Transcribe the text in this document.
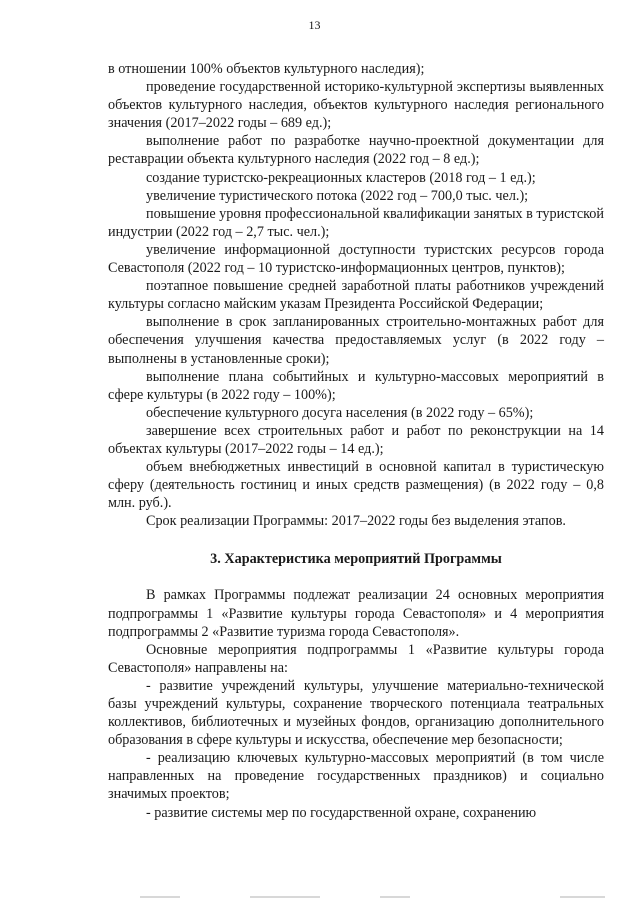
13

в отношении 100% объектов культурного наследия);

проведение государственной историко-культурной экспертизы выявленных объектов культурного наследия, объектов культурного наследия регионального значения (2017–2022 годы – 689 ед.);

выполнение работ по разработке научно-проектной документации для реставрации объекта культурного наследия (2022 год – 8 ед.);

создание туристско-рекреационных кластеров (2018 год – 1 ед.);

увеличение туристического потока (2022 год – 700,0 тыс. чел.);

повышение уровня профессиональной квалификации занятых в туристской индустрии (2022 год – 2,7 тыс. чел.);

увеличение информационной доступности туристских ресурсов города Севастополя (2022 год – 10 туристско-информационных центров, пунктов);

поэтапное повышение средней заработной платы работников учреждений культуры согласно майским указам Президента Российской Федерации;

выполнение в срок запланированных строительно-монтажных работ для обеспечения улучшения качества предоставляемых услуг (в 2022 году – выполнены в установленные сроки);

выполнение плана событийных и культурно-массовых мероприятий в сфере культуры (в 2022 году – 100%);

обеспечение культурного досуга населения (в 2022 году – 65%);

завершение всех строительных работ и работ по реконструкции на 14 объектах культуры (2017–2022 годы – 14 ед.);

объем внебюджетных инвестиций в основной капитал в туристическую сферу (деятельность гостиниц и иных средств размещения) (в 2022 году – 0,8 млн. руб.).

Срок реализации Программы: 2017–2022 годы без выделения этапов.

3. Характеристика мероприятий Программы

В рамках Программы подлежат реализации 24 основных мероприятия подпрограммы 1 «Развитие культуры города Севастополя» и 4 мероприятия подпрограммы 2 «Развитие туризма города Севастополя».

Основные мероприятия подпрограммы 1 «Развитие культуры города Севастополя» направлены на:

- развитие учреждений культуры, улучшение материально-технической базы учреждений культуры, сохранение творческого потенциала театральных коллективов, библиотечных и музейных фондов, организацию дополнительного образования в сфере культуры и искусства, обеспечение мер безопасности;

- реализацию ключевых культурно-массовых мероприятий (в том числе направленных на проведение государственных праздников) и социально значимых проектов;

- развитие системы мер по государственной охране, сохранению
